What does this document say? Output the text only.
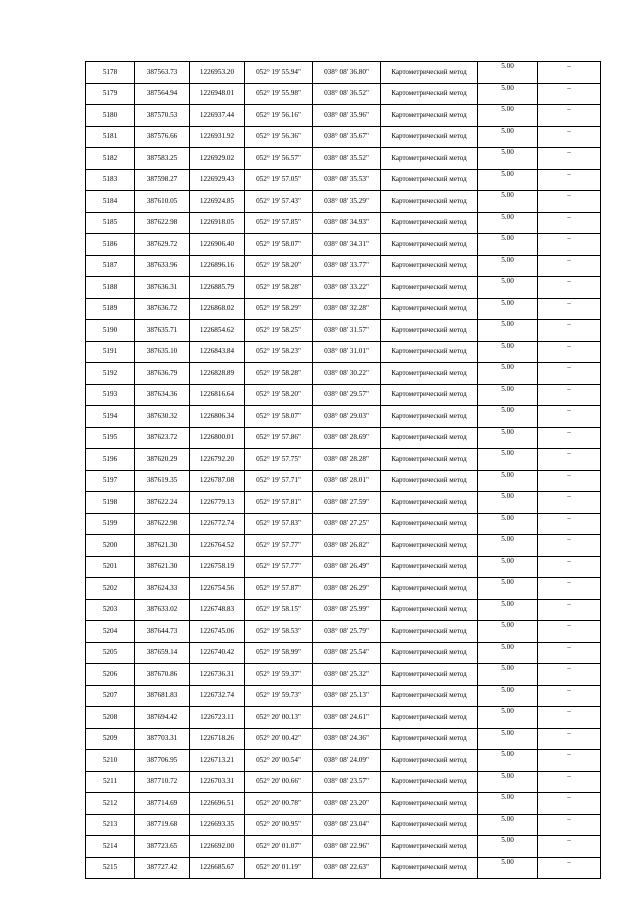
5178	387563.73	1226953.20	052° 19' 55.94"	038° 08' 36.80"	Картометрический метод	5.00	–
5179	387564.94	1226948.01	052° 19' 55.98"	038° 08' 36.52"	Картометрический метод	5.00	–
5180	387570.53	1226937.44	052° 19' 56.16"	038° 08' 35.96"	Картометрический метод	5.00	–
5181	387576.66	1226931.92	052° 19' 56.36"	038° 08' 35.67"	Картометрический метод	5.00	–
5182	387583.25	1226929.02	052° 19' 56.57"	038° 08' 35.52"	Картометрический метод	5.00	–
5183	387598.27	1226929.43	052° 19' 57.05"	038° 08' 35.53"	Картометрический метод	5.00	–
5184	387610.05	1226924.85	052° 19' 57.43"	038° 08' 35.29"	Картометрический метод	5.00	–
5185	387622.98	1226918.05	052° 19' 57.85"	038° 08' 34.93"	Картометрический метод	5.00	–
5186	387629.72	1226906.40	052° 19' 58.07"	038° 08' 34.31"	Картометрический метод	5.00	–
5187	387633.96	1226896.16	052° 19' 58.20"	038° 08' 33.77"	Картометрический метод	5.00	–
5188	387636.31	1226885.79	052° 19' 58.28"	038° 08' 33.22"	Картометрический метод	5.00	–
5189	387636.72	1226868.02	052° 19' 58.29"	038° 08' 32.28"	Картометрический метод	5.00	–
5190	387635.71	1226854.62	052° 19' 58.25"	038° 08' 31.57"	Картометрический метод	5.00	–
5191	387635.10	1226843.84	052° 19' 58.23"	038° 08' 31.01"	Картометрический метод	5.00	–
5192	387636.79	1226828.89	052° 19' 58.28"	038° 08' 30.22"	Картометрический метод	5.00	–
5193	387634.36	1226816.64	052° 19' 58.20"	038° 08' 29.57"	Картометрический метод	5.00	–
5194	387630.32	1226806.34	052° 19' 58.07"	038° 08' 29.03"	Картометрический метод	5.00	–
5195	387623.72	1226800.01	052° 19' 57.86"	038° 08' 28.69"	Картометрический метод	5.00	–
5196	387620.29	1226792.20	052° 19' 57.75"	038° 08' 28.28"	Картометрический метод	5.00	–
5197	387619.35	1226787.08	052° 19' 57.71"	038° 08' 28.01"	Картометрический метод	5.00	–
5198	387622.24	1226779.13	052° 19' 57.81"	038° 08' 27.59"	Картометрический метод	5.00	–
5199	387622.98	1226772.74	052° 19' 57.83"	038° 08' 27.25"	Картометрический метод	5.00	–
5200	387621.30	1226764.52	052° 19' 57.77"	038° 08' 26.82"	Картометрический метод	5.00	–
5201	387621.30	1226758.19	052° 19' 57.77"	038° 08' 26.49"	Картометрический метод	5.00	–
5202	387624.33	1226754.56	052° 19' 57.87"	038° 08' 26.29"	Картометрический метод	5.00	–
5203	387633.02	1226748.83	052° 19' 58.15"	038° 08' 25.99"	Картометрический метод	5.00	–
5204	387644.73	1226745.06	052° 19' 58.53"	038° 08' 25.79"	Картометрический метод	5.00	–
5205	387659.14	1226740.42	052° 19' 58.99"	038° 08' 25.54"	Картометрический метод	5.00	–
5206	387670.86	1226736.31	052° 19' 59.37"	038° 08' 25.32"	Картометрический метод	5.00	–
5207	387681.83	1226732.74	052° 19' 59.73"	038° 08' 25.13"	Картометрический метод	5.00	–
5208	387694.42	1226723.11	052° 20' 00.13"	038° 08' 24.61"	Картометрический метод	5.00	–
5209	387703.31	1226718.26	052° 20' 00.42"	038° 08' 24.36"	Картометрический метод	5.00	–
5210	387706.95	1226713.21	052° 20' 00.54"	038° 08' 24.09"	Картометрический метод	5.00	–
5211	387710.72	1226703.31	052° 20' 00.66"	038° 08' 23.57"	Картометрический метод	5.00	–
5212	387714.69	1226696.51	052° 20' 00.78"	038° 08' 23.20"	Картометрический метод	5.00	–
5213	387719.68	1226693.35	052° 20' 00.95"	038° 08' 23.04"	Картометрический метод	5.00	–
5214	387723.65	1226692.00	052° 20' 01.07"	038° 08' 22.96"	Картометрический метод	5.00	–
5215	387727.42	1226685.67	052° 20' 01.19"	038° 08' 22.63"	Картометрический метод	5.00	–
